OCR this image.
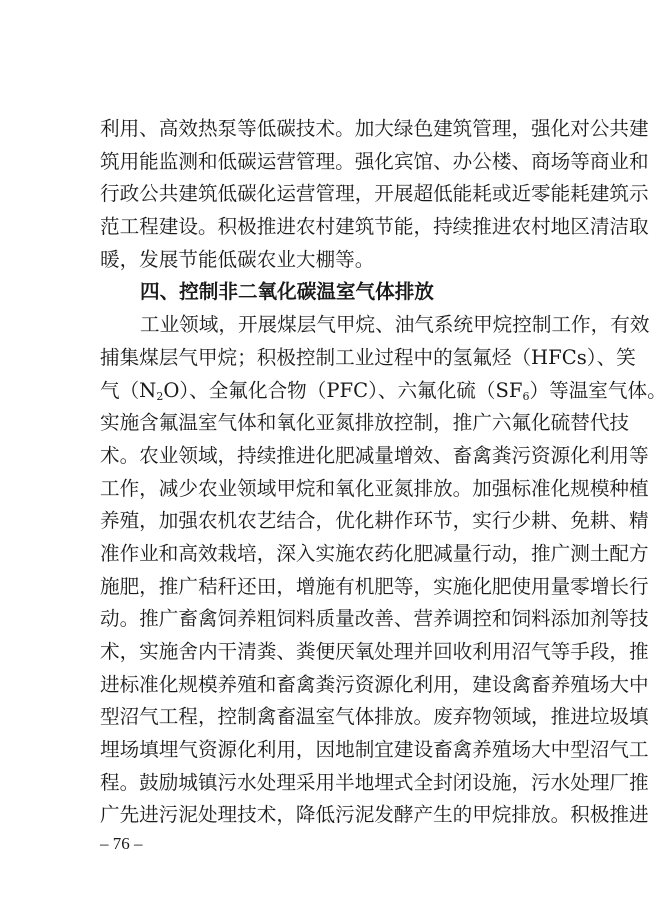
利用、高效热泵等低碳技术。加大绿色建筑管理，强化对公共建
筑用能监测和低碳运营管理。强化宾馆、办公楼、商场等商业和
行政公共建筑低碳化运营管理，开展超低能耗或近零能耗建筑示
范工程建设。积极推进农村建筑节能，持续推进农村地区清洁取
暖，发展节能低碳农业大棚等。
四、控制非二氧化碳温室气体排放
工业领域，开展煤层气甲烷、油气系统甲烷控制工作，有效
捕集煤层气甲烷；积极控制工业过程中的氢氟烃（HFCs）、笑
气$(N_2O)$、全氟化合物（PFC）、六氟化硫$(SF_6)$等温室气体。
实施含氟温室气体和氧化亚氮排放控制，推广六氟化硫替代技
术。农业领域，持续推进化肥减量增效、畜禽粪污资源化利用等
工作，减少农业领域甲烷和氧化亚氮排放。加强标准化规模种植
养殖，加强农机农艺结合，优化耕作环节，实行少耕、免耕、精
准作业和高效栽培，深入实施农药化肥减量行动，推广测土配方
施肥，推广秸秆还田，增施有机肥等，实施化肥使用量零增长行
动。推广畜禽饲养粗饲料质量改善、营养调控和饲料添加剂等技
术，实施舍内干清粪、粪便厌氧处理并回收利用沼气等手段，推
进标准化规模养殖和畜禽粪污资源化利用，建设禽畜养殖场大中
型沼气工程，控制禽畜温室气体排放。废弃物领域，推进垃圾填
埋场填埋气资源化利用，因地制宜建设畜禽养殖场大中型沼气工
程。鼓励城镇污水处理采用半地埋式全封闭设施，污水处理厂推
广先进污泥处理技术，降低污泥发酵产生的甲烷排放。积极推进
– 76 –
